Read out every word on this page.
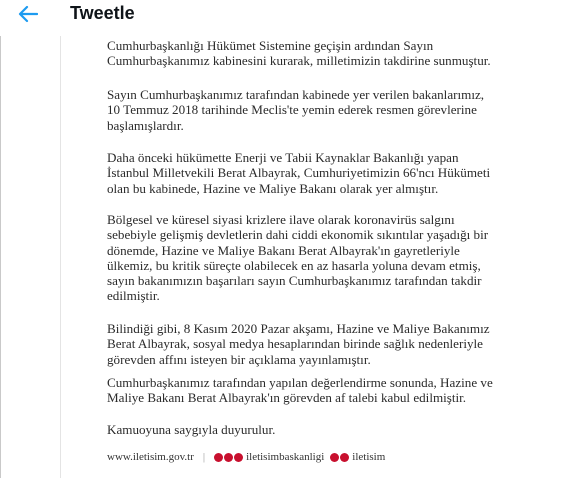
Tweetle
Cumhurbaşkanlığı Hükümet Sistemine geçişin ardından Sayın
Cumhurbaşkanımız kabinesini kurarak, milletimizin takdirine sunmuştur.
Sayın Cumhurbaşkanımız tarafından kabinede yer verilen bakanlarımız,
10 Temmuz 2018 tarihinde Meclis'te yemin ederek resmen görevlerine
başlamışlardır.
Daha önceki hükümette Enerji ve Tabii Kaynaklar Bakanlığı yapan
İstanbul Milletvekili Berat Albayrak, Cumhuriyetimizin 66'ncı Hükümeti
olan bu kabinede, Hazine ve Maliye Bakanı olarak yer almıştır.
Bölgesel ve küresel siyasi krizlere ilave olarak koronavirüs salgını
sebebiyle gelişmiş devletlerin dahi ciddi ekonomik sıkıntılar yaşadığı bir
dönemde, Hazine ve Maliye Bakanı Berat Albayrak'ın gayretleriyle
ülkemiz, bu kritik süreçte olabilecek en az hasarla yoluna devam etmiş,
sayın bakanımızın başarıları sayın Cumhurbaşkanımız tarafından takdir
edilmiştir.
Bilindiği gibi, 8 Kasım 2020 Pazar akşamı, Hazine ve Maliye Bakanımız
Berat Albayrak, sosyal medya hesaplarından birinde sağlık nedenleriyle
görevden affını isteyen bir açıklama yayınlamıştır.
Cumhurbaşkanımız tarafından yapılan değerlendirme sonunda, Hazine ve
Maliye Bakanı Berat Albayrak'ın görevden af talebi kabul edilmiştir.
Kamuoyuna saygıyla duyurulur.
www.iletisim.gov.tr |	iletisimbaskanligi	iletisim
